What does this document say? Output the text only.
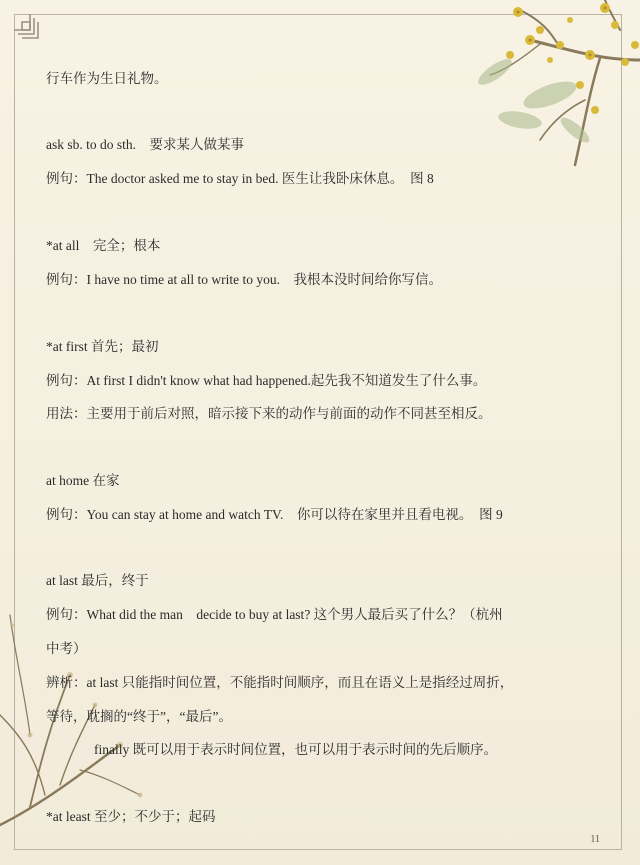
行车作为生日礼物。
ask sb. to do sth.　要求某人做某事
例句：The doctor asked me to stay in bed. 医生让我卧床休息。　图 8
*at all　完全；根本
例句：I have no time at all to write to you.　我根本没时间给你写信。
*at first 首先；最初
例句：At first I didn't know what had happened.起先我不知道发生了什么事。
用法：主要用于前后对照，暗示接下来的动作与前面的动作不同甚至相反。
at home 在家
例句：You can stay at home and watch TV.　你可以待在家里并且看电视。　图 9
at last 最后，终于
例句：What did the man　decide to buy at last? 这个男人最后买了什么？（杭州
中考）
辨析：at last 只能指时间位置，不能指时间顺序，而且在语义上是指经过周折，
等待，耽搁的“终于”，“最后”。
finally 既可以用于表示时间位置，也可以用于表示时间的先后顺序。
*at least 至少；不少于；起码
11
